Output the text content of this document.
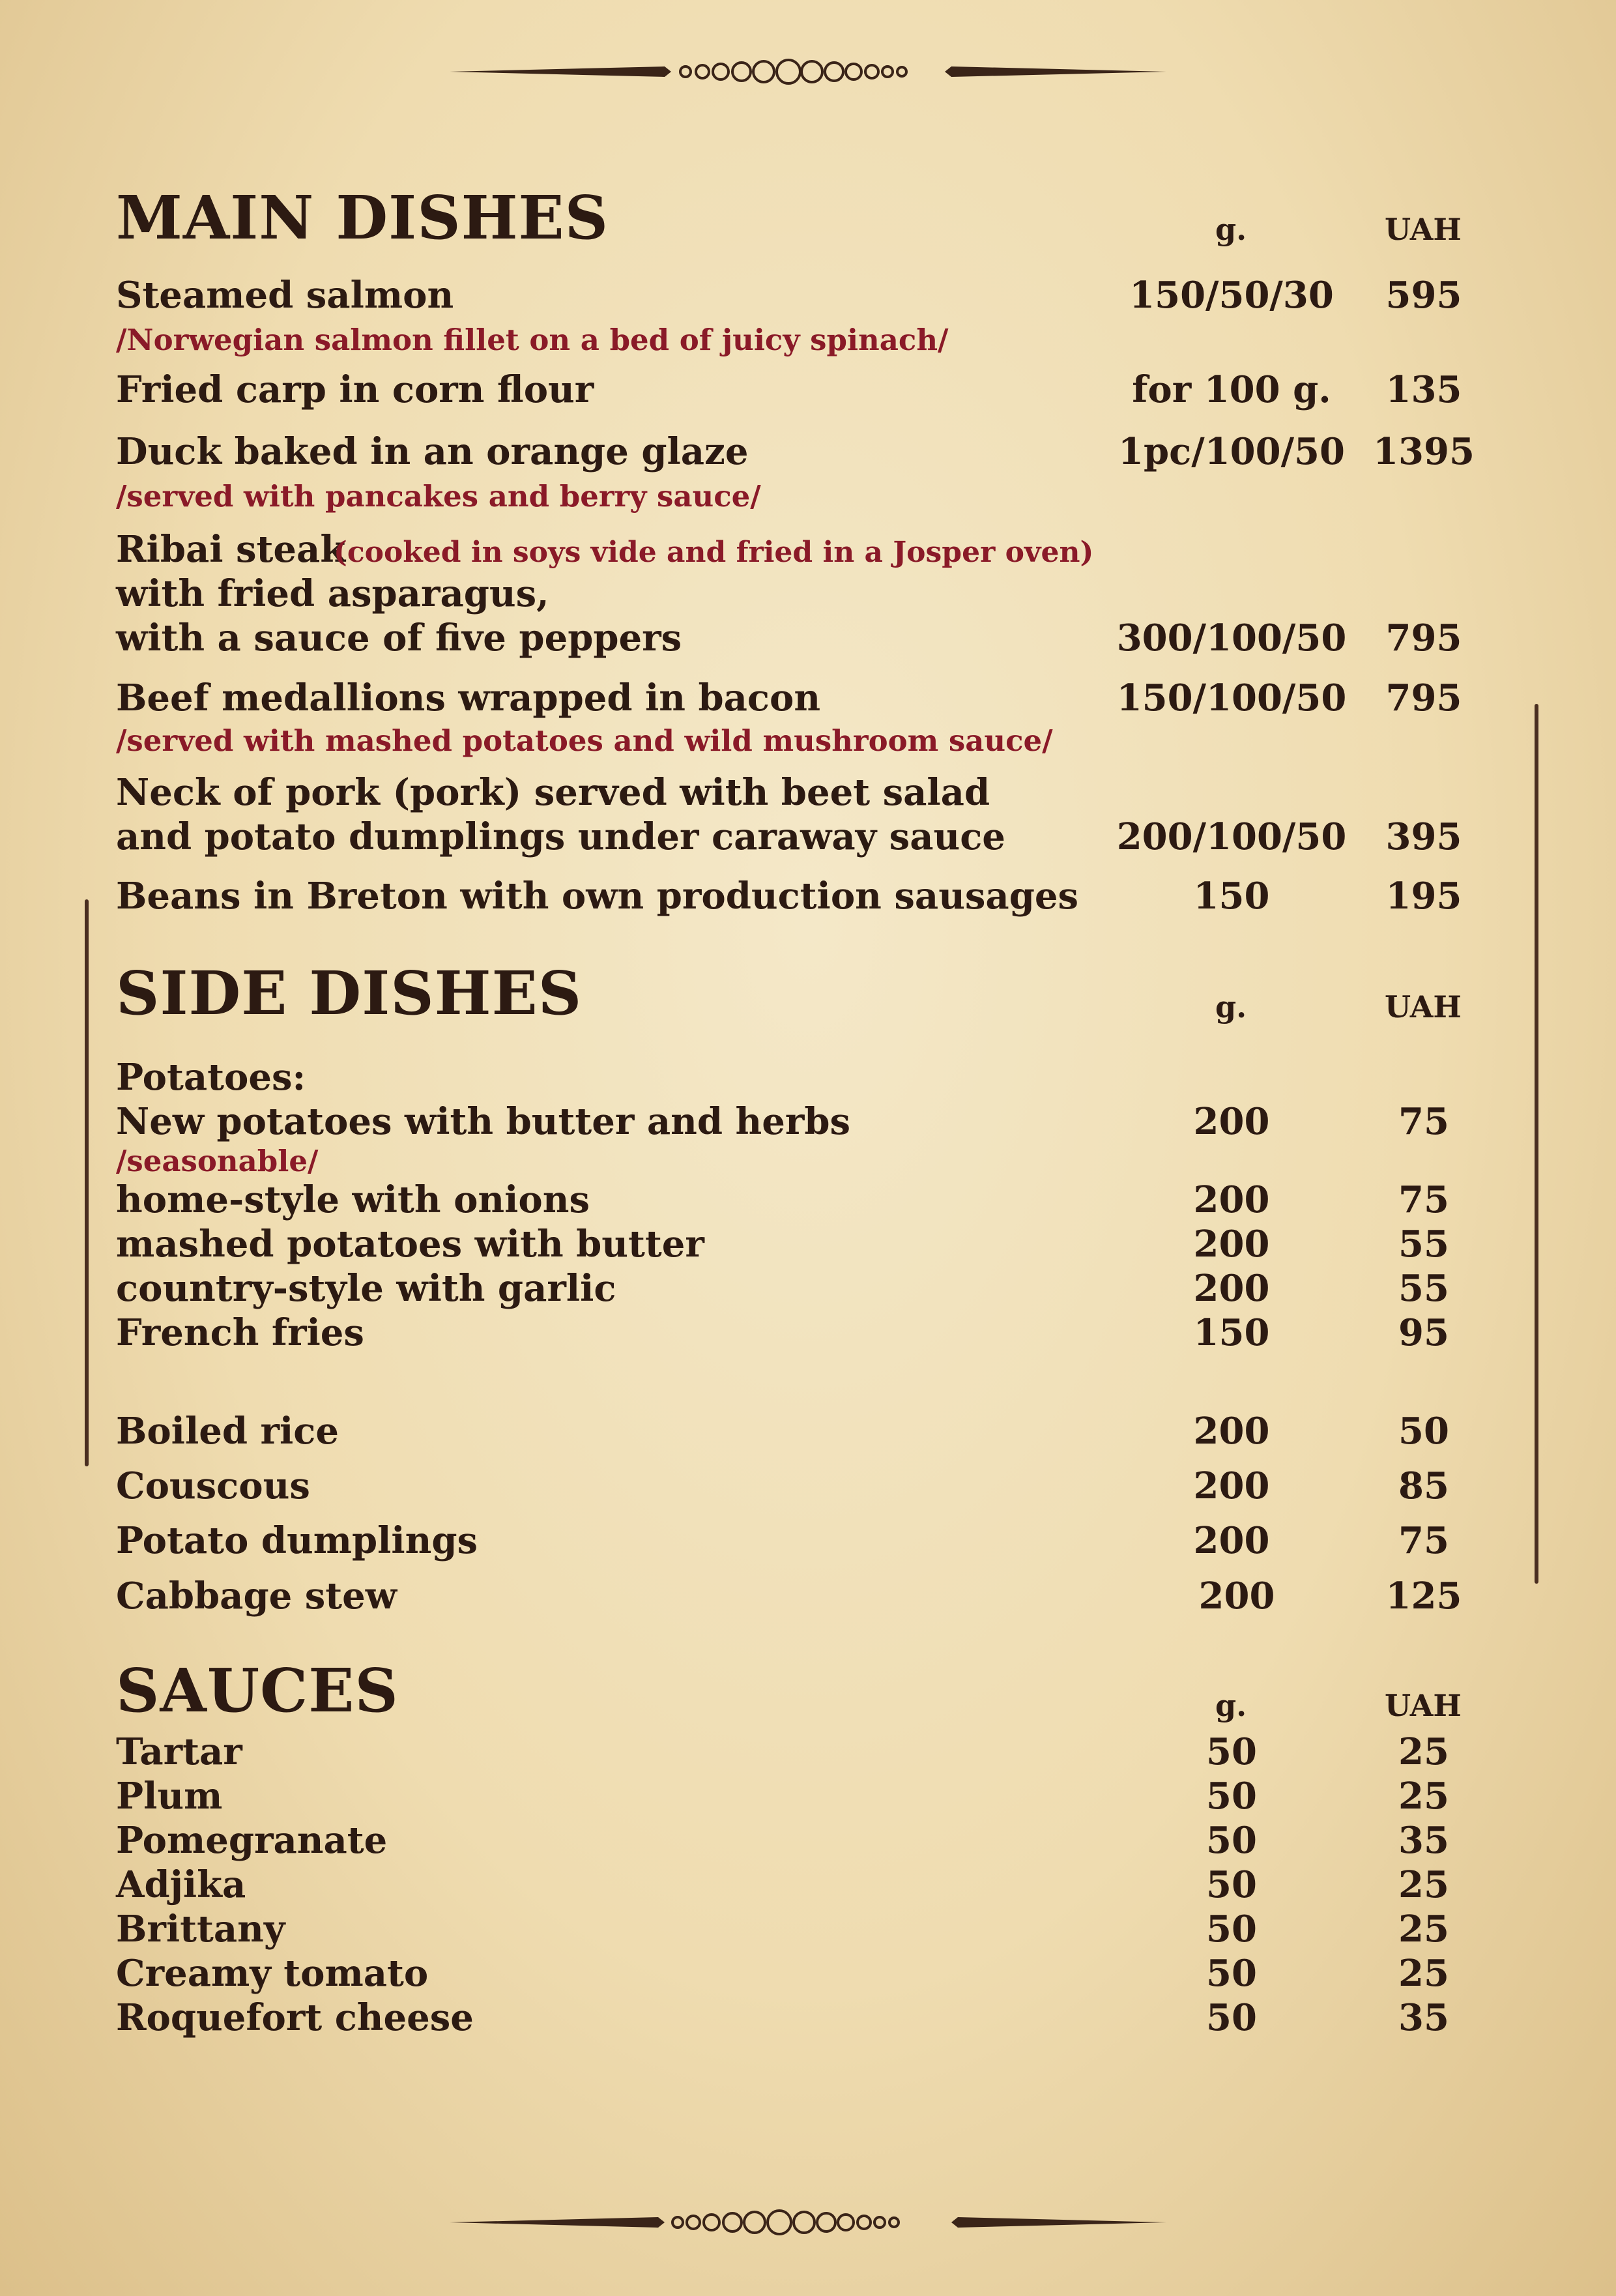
MAIN DISHES	g.	UAH
Steamed salmon	150/50/30	595
/Norwegian salmon fillet on a bed of juicy spinach/
Fried carp in corn flour	for 100 g.	135
Duck baked in an orange glaze	1pc/100/50 1395
/served with pancakes and berry sauce/
Ribai steak
(cooked in soys vide and fried in a Josper oven)
with fried asparagus,
with a sauce of five peppers	300/100/50	795
Beef medallions wrapped in bacon	150/100/50	795
/served with mashed potatoes and wild mushroom sauce/
Neck of pork (pork) served with beet salad
and potato dumplings under caraway sauce	200/100/50	395
Beans in Breton with own production sausages	150	195
SIDE DISHES	g.	UAH
Potatoes:
New potatoes with butter and herbs	200	75
/seasonable/
home-style with onions	200	75
mashed potatoes with butter	200	55
country-style with garlic	200	55
French fries	150	95
Boiled rice	200	50
Couscous	200	85
Potato dumplings	200	75
Cabbage stew	200	125
SAUCES	g.	UAH
Tartar	50	25
Plum	50	25
Pomegranate	50	35
Adjika	50	25
Brittany	50	25
Creamy tomato	50	25
Roquefort cheese	50	35
